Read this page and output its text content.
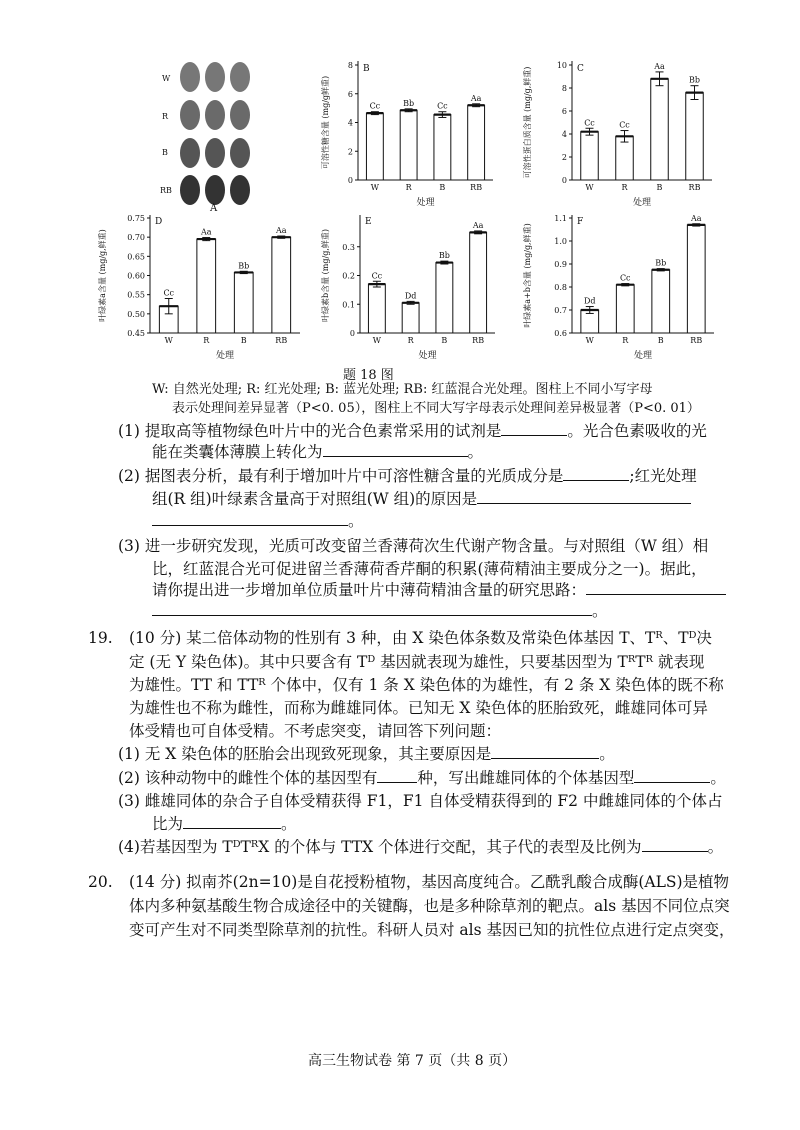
W
R
B
RB
A
B
0
2
4
6
8
可溶性糖含量 (mg/g鲜重)	Cc
W
Bb
R
Cc
B
Aa
RB
处理
C
0
2
4
6
8
10
可溶性蛋白质含量 (mg/g,鲜重)	Cc
W
Cc
R
Aa
B
Bb
RB
处理
D
0.45
0.50
0.55
0.60
0.65
0.70
0.75
叶绿素a含量 (mg/g,鲜重)	Cc
W
Aa
R
Bb
B
Aa
RB
处理
E
0
0.1
0.2
0.3
叶绿素b含量 (mg/g,鲜重)	Cc
W
Dd
R
Bb
B
Aa
RB
处理
F
0.6
0.7
0.8
0.9
1.0
1.1
叶绿素a+b含量 (mg/g,鲜重)	Dd
W
Cc
R
Bb
B
Aa
RB
处理
题 18 图
W: 自然光处理; R: 红光处理; B: 蓝光处理; RB: 红蓝混合光处理。图柱上不同小写字母
表示处理间差异显著（P<0. 05），图柱上不同大写字母表示处理间差异极显著（P<0. 01）
(1) 提取高等植物绿色叶片中的光合色素常采用的试剂是	。光合色素吸收的光
能在类囊体薄膜上转化为	。
(2) 据图表分析，最有利于增加叶片中可溶性糖含量的光质成分是	;红光处理
组(R 组)叶绿素含量高于对照组(W 组)的原因是
。
(3) 进一步研究发现，光质可改变留兰香薄荷次生代谢产物含量。与对照组（W 组）相
比，红蓝混合光可促进留兰香薄荷香芹酮的积累(薄荷精油主要成分之一)。据此，
请你提出进一步增加单位质量叶片中薄荷精油含量的研究思路：
。
19. (10 分) 某二倍体动物的性别有 3 种，由 X 染色体条数及常染色体基因 T、Tᴿ、Tᴰ决
定 (无 Y 染色体)。其中只要含有 Tᴰ 基因就表现为雄性，只要基因型为 TᴿTᴿ 就表现
为雄性。TT 和 TTᴿ 个体中，仅有 1 条 X 染色体的为雄性，有 2 条 X 染色体的既不称
为雄性也不称为雌性，而称为雌雄同体。已知无 X 染色体的胚胎致死，雌雄同体可异
体受精也可自体受精。不考虑突变，请回答下列问题：
(1) 无 X 染色体的胚胎会出现致死现象，其主要原因是	。
(2) 该种动物中的雌性个体的基因型有	种，写出雌雄同体的个体基因型	。
(3) 雌雄同体的杂合子自体受精获得 F1，F1 自体受精获得到的 F2 中雌雄同体的个体占
比为	。
(4)若基因型为 TᴰTᴿX 的个体与 TTX 个体进行交配，其子代的表型及比例为	。
20. (14 分) 拟南芥(2n=10)是自花授粉植物，基因高度纯合。乙酰乳酸合成酶(ALS)是植物
体内多种氨基酸生物合成途径中的关键酶，也是多种除草剂的靶点。als 基因不同位点突
变可产生对不同类型除草剂的抗性。科研人员对 als 基因已知的抗性位点进行定点突变，
高三生物试卷 第 7 页（共 8 页）
